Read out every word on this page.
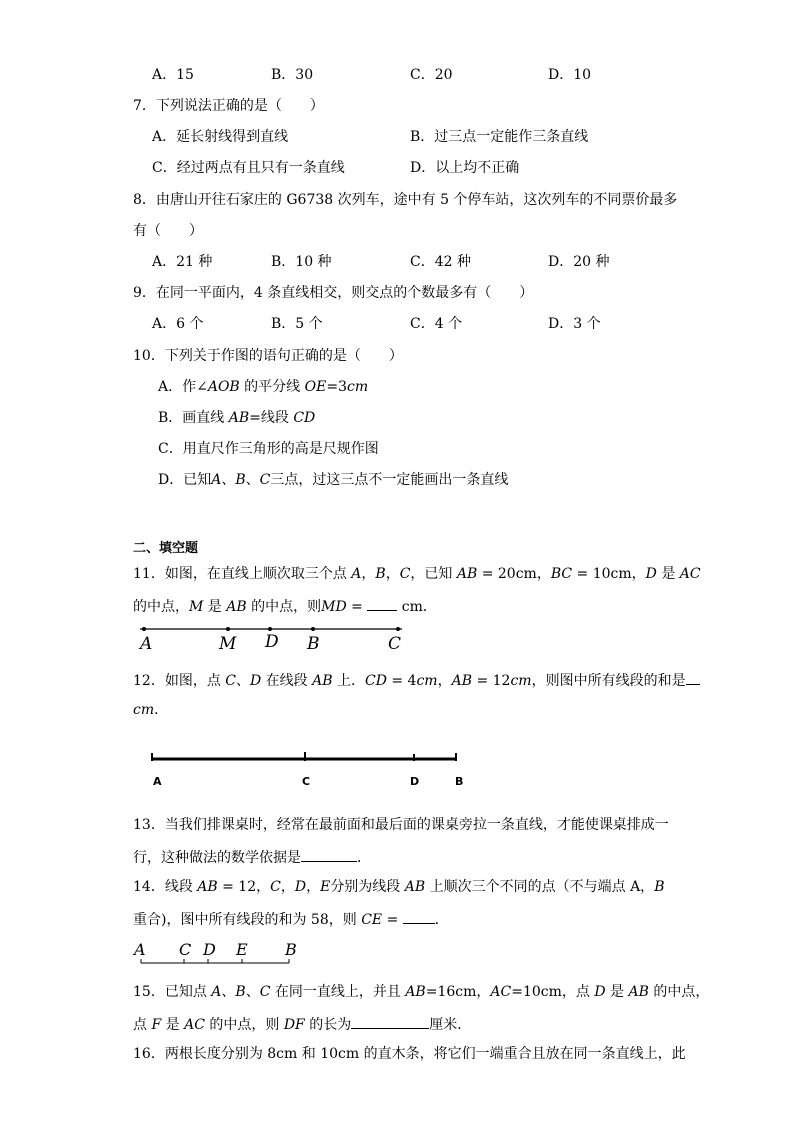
A．15	B．30	C．20	D．10
7．下列说法正确的是（　　）
A．延长射线得到直线	B．过三点一定能作三条直线
C．经过两点有且只有一条直线	D．以上均不正确
8．由唐山开往石家庄的 G6738 次列车，途中有 5 个停车站，这次列车的不同票价最多
有（　　）
A．21 种	B．10 种	C．42 种	D．20 种
9．在同一平面内，4 条直线相交，则交点的个数最多有（　　）
A．6 个	B．5 个	C．4 个	D．3 个
10．下列关于作图的语句正确的是（　　）
A．作∠AOB 的平分线 OE=3cm
B．画直线 AB=线段 CD
C．用直尺作三角形的高是尺规作图
D．已知A、B、C三点，过这三点不一定能画出一条直线
二、填空题
11．如图，在直线上顺次取三个点 A，B，C，已知 AB = 20cm，BC = 10cm，D 是 AC
的中点，M 是 AB 的中点，则MD =  cm．
A	M D B	C
12．如图，点 C、D 在线段 AB 上．CD = 4cm，AB = 12cm，则图中所有线段的和是
cm．
A	C	D	B
13．当我们排课桌时，经常在最前面和最后面的课桌旁拉一条直线，才能使课桌排成一
行，这种做法的数学依据是	．
14．线段 AB = 12，C，D，E分别为线段 AB 上顺次三个不同的点（不与端点 A，B
重合)，图中所有线段的和为 58，则 CE = ．
A C D E B
15．已知点 A、B、C 在同一直线上，并且 AB=16cm，AC=10cm，点 D 是 AB 的中点，
点 F 是 AC 的中点，则 DF 的长为	厘米．
16．两根长度分别为 8cm 和 10cm 的直木条，将它们一端重合且放在同一条直线上，此
